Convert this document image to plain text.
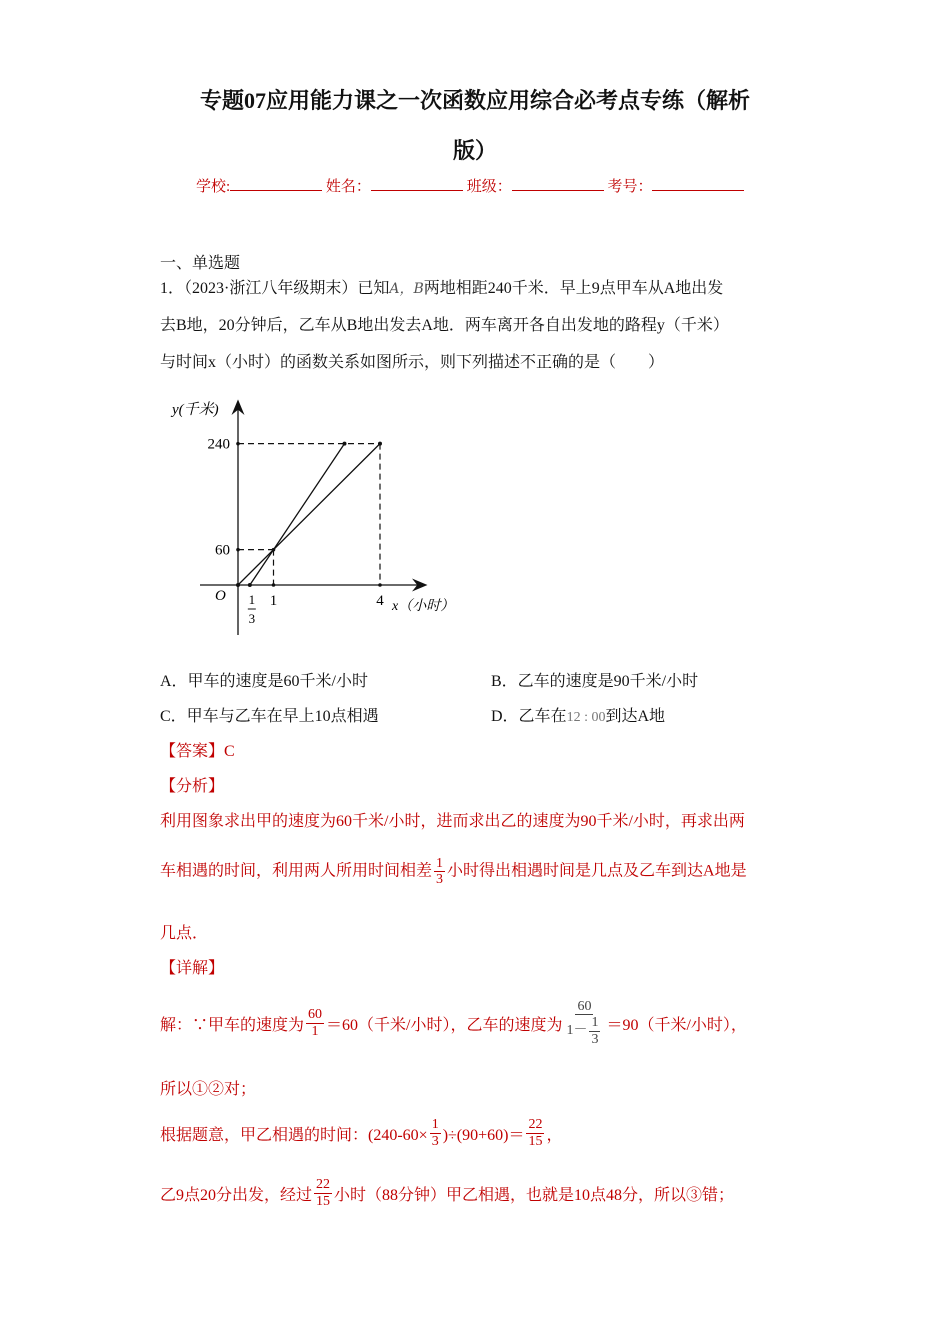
专题07应用能力课之一次函数应用综合必考点专练（解析
版）
学校:	姓名：	班级：	考号：
一、单选题
1．（2023·浙江八年级期末）已知A，B两地相距240千米．早上9点甲车从A地出发
去B地，20分钟后，乙车从B地出发去A地．两车离开各自出发地的路程y（千米）
与时间x（小时）的函数关系如图所示，则下列描述不正确的是（　　）
60
240
1	4
1
3
y(千米)
O
x（小时）
A．甲车的速度是60千米/小时	B．乙车的速度是90千米/小时
C．甲车与乙车在早上10点相遇	D．乙车在12 : 00到达A地
【答案】C
【分析】
利用图象求出甲的速度为60千米/小时，进而求出乙的速度为90千米/小时，再求出两
车相遇的时间，利用两人所用时间相差 $\frac{1}{3}$ 小时得出相遇时间是几点及乙车到达A地是
几点．
【详解】
解：∵甲车的速度为 $\frac{60}{1} =60$（千米/小时），乙车的速度为 $\frac{60}{1- \frac{1}{3}} =90$（千米/小时），
所以①②对；
根据题意，甲乙相遇的时间：$(240-60\times \frac{1}{3} )\div(90+60)= \frac{22}{15}$ ，
乙9点20分出发，经过 $\frac{22}{15}$ 小时（88分钟）甲乙相遇，也就是10点48分，所以③错；
